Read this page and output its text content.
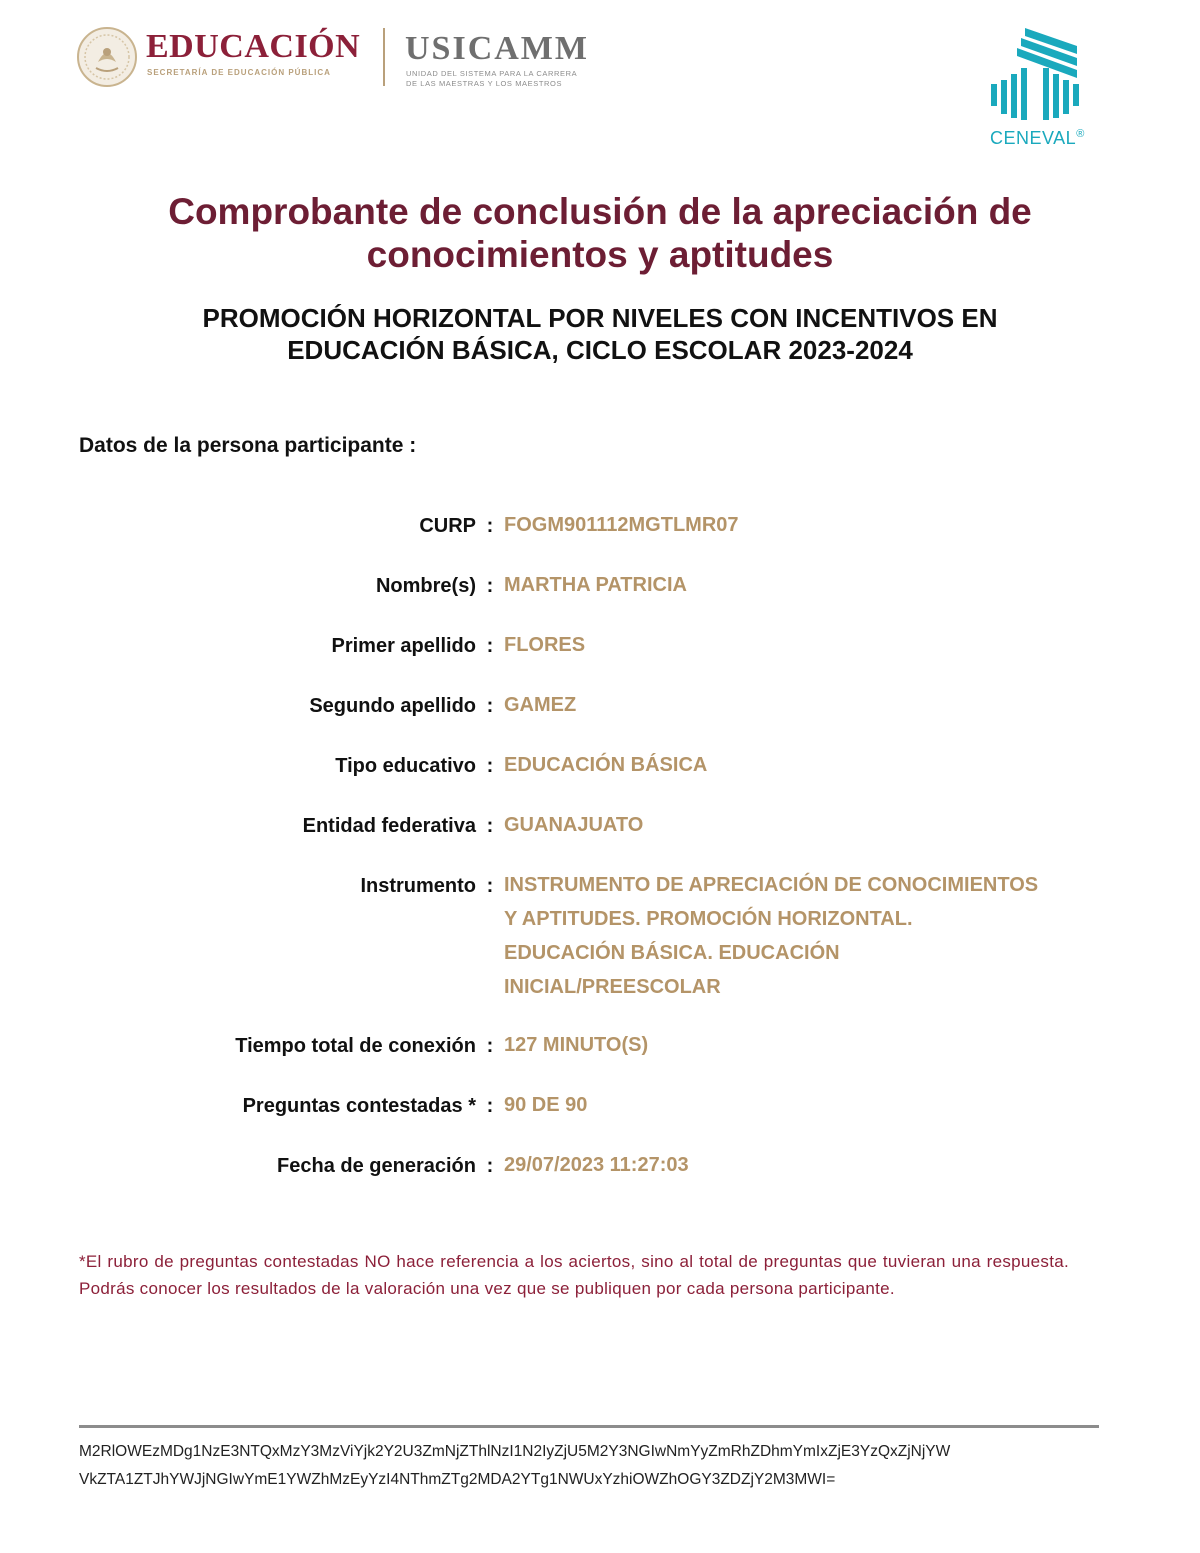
EDUCACIÓN
SECRETARÍA DE EDUCACIÓN PÚBLICA
USICAMM
UNIDAD DEL SISTEMA PARA LA CARRERA
DE LAS MAESTRAS Y LOS MAESTROS
CENEVAL®
Comprobante de conclusión de la apreciación de
conocimientos y aptitudes
PROMOCIÓN HORIZONTAL POR NIVELES CON INCENTIVOS EN
EDUCACIÓN BÁSICA, CICLO ESCOLAR 2023-2024
Datos de la persona participante :
CURP : FOGM901112MGTLMR07
Nombre(s) : MARTHA PATRICIA
Primer apellido : FLORES
Segundo apellido : GAMEZ
Tipo educativo : EDUCACIÓN BÁSICA
Entidad federativa : GUANAJUATO
Instrumento : INSTRUMENTO DE APRECIACIÓN DE CONOCIMIENTOS
Y APTITUDES. PROMOCIÓN HORIZONTAL.
EDUCACIÓN BÁSICA. EDUCACIÓN
INICIAL/PREESCOLAR
Tiempo total de conexión : 127 MINUTO(S)
Preguntas contestadas * : 90 DE 90
Fecha de generación : 29/07/2023 11:27:03
*El rubro de preguntas contestadas NO hace referencia a los aciertos, sino al total de preguntas que tuvieran una respuesta. Podrás conocer los resultados de la valoración una vez que se publiquen por cada persona participante.
M2RlOWEzMDg1NzE3NTQxMzY3MzViYjk2Y2U3ZmNjZThlNzI1N2IyZjU5M2Y3NGIwNmYyZmRhZDhmYmIxZjE3YzQxZjNjYW
VkZTA1ZTJhYWJjNGIwYmE1YWZhMzEyYzI4NThmZTg2MDA2YTg1NWUxYzhiOWZhOGY3ZDZjY2M3MWI=
